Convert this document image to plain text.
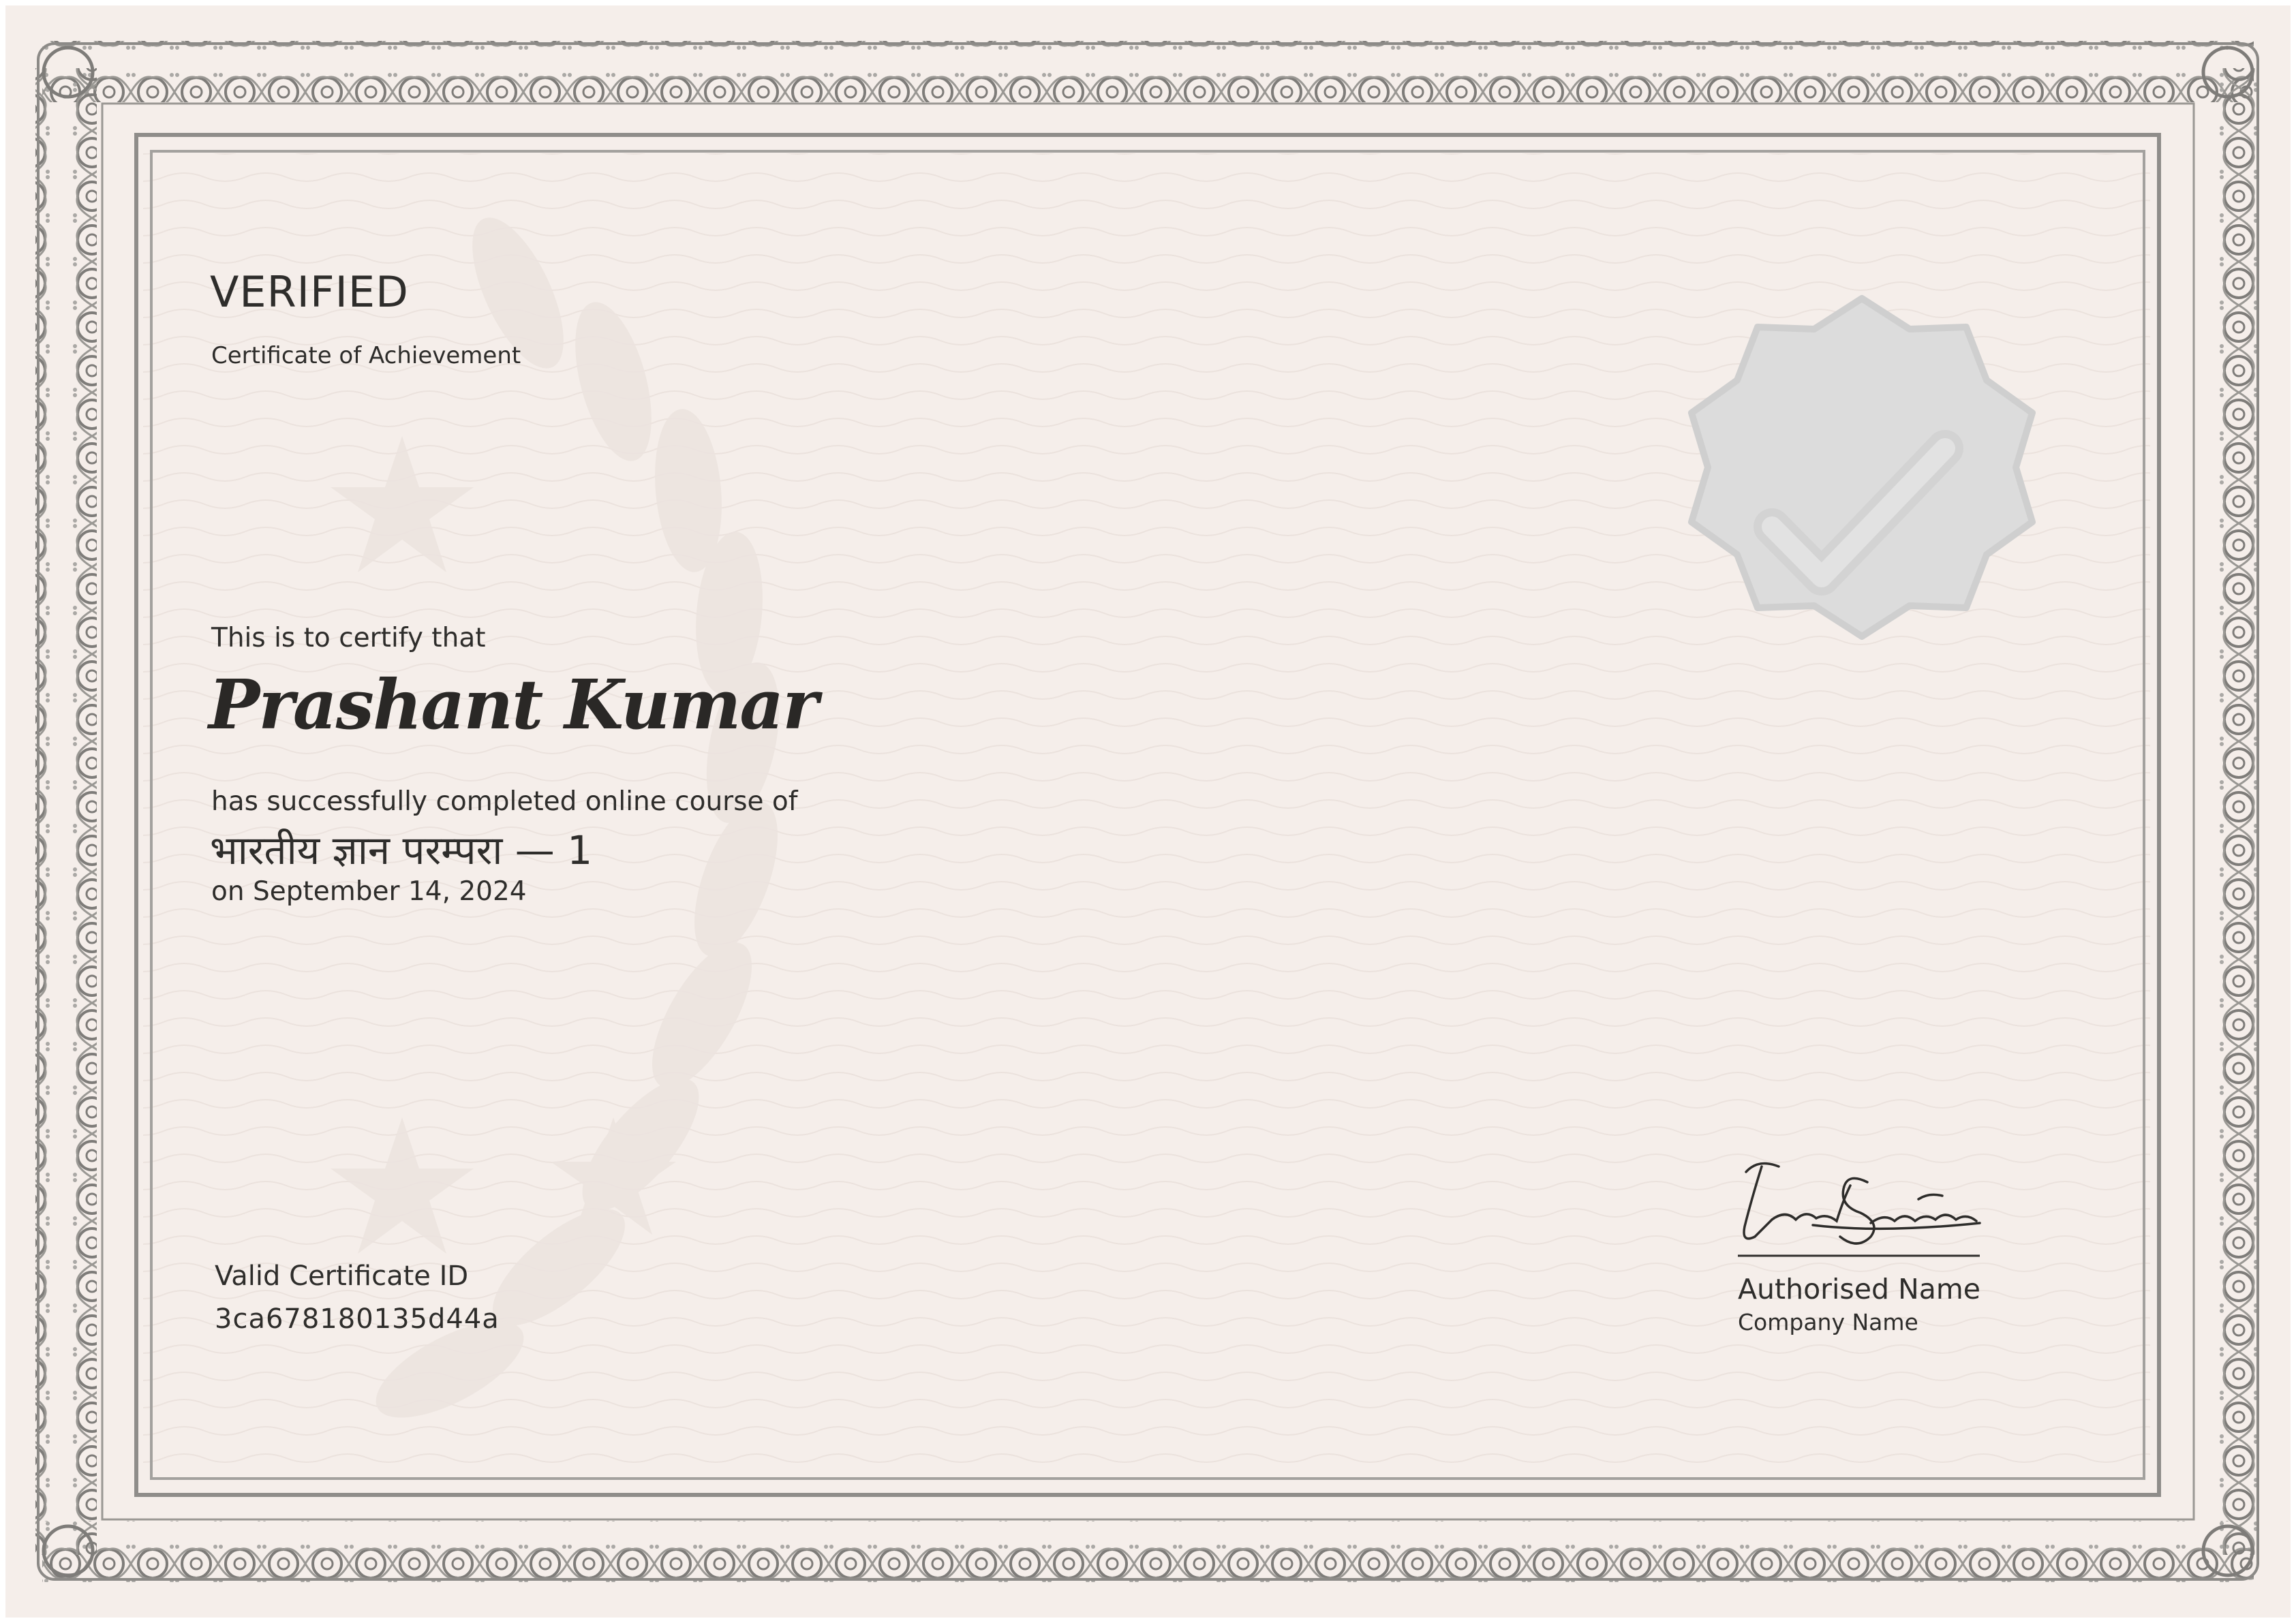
VERIFIED
Certificate of Achievement
This is to certify that
Prashant Kumar
has successfully completed online course of
भारतीय ज्ञान परम्परा — 1
on September 14, 2024
Valid Certificate ID
3ca678180135d44a
Authorised Name
Company Name
